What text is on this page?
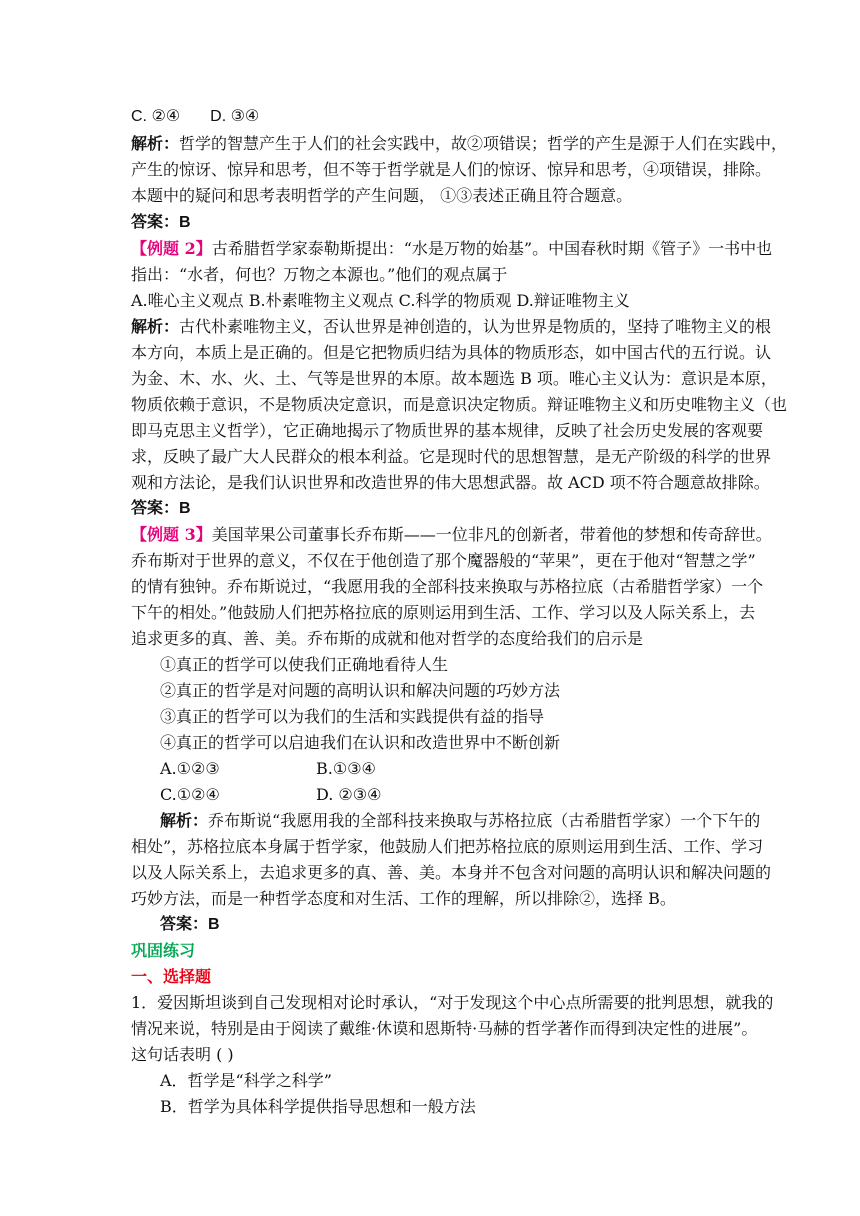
C. ②④ D. ③④
解析：哲学的智慧产生于人们的社会实践中，故②项错误；哲学的产生是源于人们在实践中，
产生的惊讶、惊异和思考，但不等于哲学就是人们的惊讶、惊异和思考，④项错误，排除。
本题中的疑问和思考表明哲学的产生问题， ①③表述正确且符合题意。
答案：B
【例题 2】古希腊哲学家泰勒斯提出：“水是万物的始基”。中国春秋时期《管子》一书中也
指出：“水者，何也？万物之本源也。”他们的观点属于
A.唯心主义观点 B.朴素唯物主义观点 C.科学的物质观 D.辩证唯物主义
解析：古代朴素唯物主义，否认世界是神创造的，认为世界是物质的，坚持了唯物主义的根
本方向，本质上是正确的。但是它把物质归结为具体的物质形态，如中国古代的五行说。认
为金、木、水、火、土、气等是世界的本原。故本题选 B 项。唯心主义认为：意识是本原，
物质依赖于意识，不是物质决定意识，而是意识决定物质。辩证唯物主义和历史唯物主义（也
即马克思主义哲学），它正确地揭示了物质世界的基本规律，反映了社会历史发展的客观要
求，反映了最广大人民群众的根本利益。它是现时代的思想智慧，是无产阶级的科学的世界
观和方法论，是我们认识世界和改造世界的伟大思想武器。故 ACD 项不符合题意故排除。
答案：B
【例题 3】美国苹果公司董事长乔布斯——一位非凡的创新者，带着他的梦想和传奇辞世。
乔布斯对于世界的意义，不仅在于他创造了那个魔器般的“苹果”，更在于他对“智慧之学”
的情有独钟。乔布斯说过，“我愿用我的全部科技来换取与苏格拉底（古希腊哲学家）一个
下午的相处。”他鼓励人们把苏格拉底的原则运用到生活、工作、学习以及人际关系上，去
追求更多的真、善、美。乔布斯的成就和他对哲学的态度给我们的启示是
①真正的哲学可以使我们正确地看待人生
②真正的哲学是对问题的高明认识和解决问题的巧妙方法
③真正的哲学可以为我们的生活和实践提供有益的指导
④真正的哲学可以启迪我们在认识和改造世界中不断创新
A.①②③	B.①③④
C.①②④	D. ②③④
解析：乔布斯说“我愿用我的全部科技来换取与苏格拉底（古希腊哲学家）一个下午的
相处”，苏格拉底本身属于哲学家，他鼓励人们把苏格拉底的原则运用到生活、工作、学习
以及人际关系上，去追求更多的真、善、美。本身并不包含对问题的高明认识和解决问题的
巧妙方法，而是一种哲学态度和对生活、工作的理解，所以排除②，选择 B。
答案：B
巩固练习
一、选择题
1．爱因斯坦谈到自己发现相对论时承认，“对于发现这个中心点所需要的批判思想，就我的
情况来说，特别是由于阅读了戴维·休谟和恩斯特·马赫的哲学著作而得到决定性的进展”。
这句话表明 ( )
A．哲学是“科学之科学”
B．哲学为具体科学提供指导思想和一般方法
